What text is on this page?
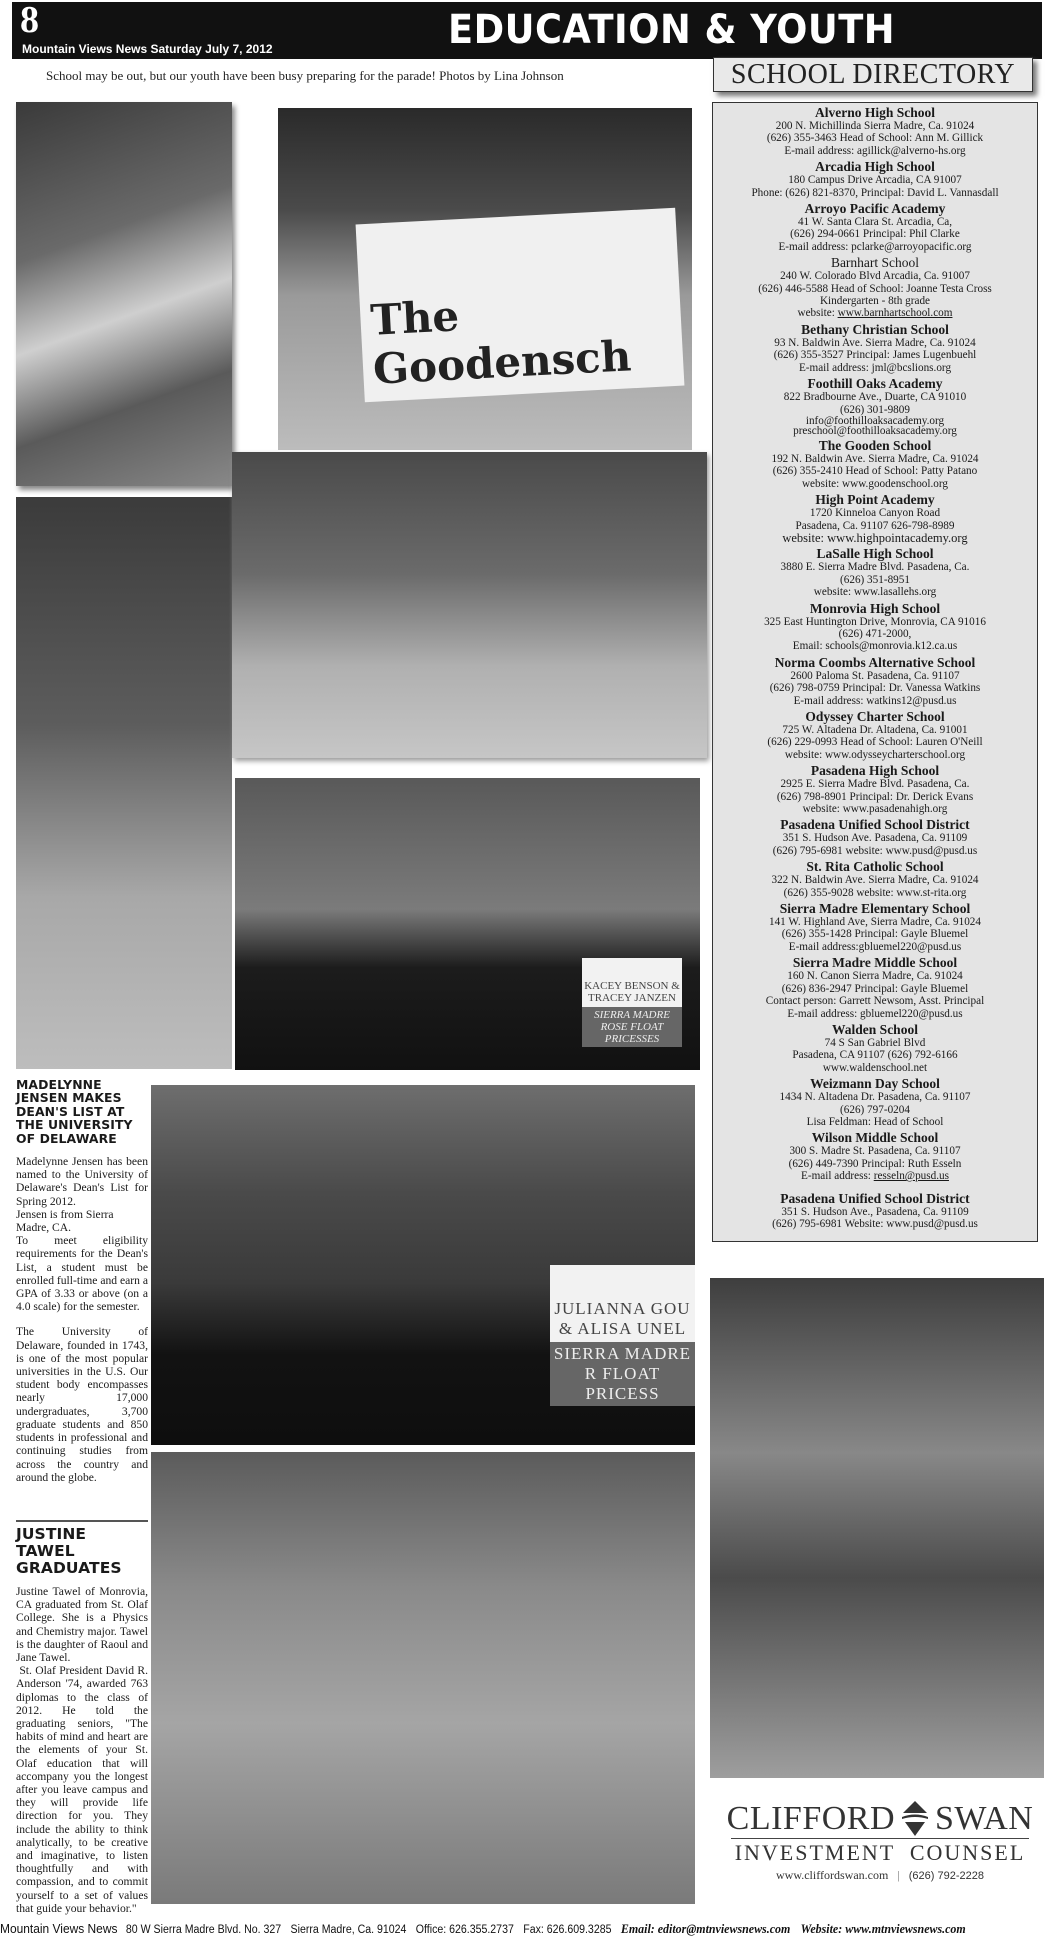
8
Mountain Views News Saturday July 7, 2012	EDUCATION & YOUTH
School may be out, but our youth have been busy preparing for the parade! Photos by Lina Johnson	SCHOOL DIRECTORY
Alverno High School
200 N. Michillinda Sierra Madre, Ca. 91024
(626) 355-3463 Head of School: Ann M. Gillick
E-mail address: agillick@alverno-hs.org
Arcadia High School
180 Campus Drive Arcadia, CA 91007
Phone: (626) 821-8370, Principal: David L. Vannasdall
Arroyo Pacific Academy
41 W. Santa Clara St. Arcadia, Ca,
(626) 294-0661 Principal: Phil Clarke
E-mail address: pclarke@arroyopacific.org
Barnhart School
240 W. Colorado Blvd Arcadia, Ca. 91007
(626) 446-5588 Head of School: Joanne Testa Cross
Kindergarten - 8th grade
website: www.barnhartschool.com
Bethany Christian School
93 N. Baldwin Ave. Sierra Madre, Ca. 91024
(626) 355-3527 Principal: James Lugenbuehl
E-mail address: jml@bcslions.org
Foothill Oaks Academy
822 Bradbourne Ave., Duarte, CA 91010
(626) 301-9809
info@foothilloaksacademy.org
preschool@foothilloaksacademy.org
The Gooden School
192 N. Baldwin Ave. Sierra Madre, Ca. 91024
(626) 355-2410 Head of School: Patty Patano
website: www.goodenschool.org
High Point Academy
1720 Kinneloa Canyon Road
Pasadena, Ca. 91107 626-798-8989
website: www.highpointacademy.org
LaSalle High School
3880 E. Sierra Madre Blvd. Pasadena, Ca.
(626) 351-8951
website: www.lasallehs.org
Monrovia High School
325 East Huntington Drive, Monrovia, CA 91016
(626) 471-2000,
Email: schools@monrovia.k12.ca.us
Norma Coombs Alternative School
2600 Paloma St. Pasadena, Ca. 91107
(626) 798-0759 Principal: Dr. Vanessa Watkins
E-mail address: watkins12@pusd.us
Odyssey Charter School
725 W. Altadena Dr. Altadena, Ca. 91001
(626) 229-0993 Head of School: Lauren O'Neill
website: www.odysseycharterschool.org
Pasadena High School
2925 E. Sierra Madre Blvd. Pasadena, Ca.
(626) 798-8901 Principal: Dr. Derick Evans
website: www.pasadenahigh.org
Pasadena Unified School District
351 S. Hudson Ave. Pasadena, Ca. 91109
(626) 795-6981 website: www.pusd@pusd.us
St. Rita Catholic School
322 N. Baldwin Ave. Sierra Madre, Ca. 91024
(626) 355-9028 website: www.st-rita.org
Sierra Madre Elementary School
141 W. Highland Ave, Sierra Madre, Ca. 91024
(626) 355-1428 Principal: Gayle Bluemel
E-mail address:gbluemel220@pusd.us
Sierra Madre Middle School
160 N. Canon Sierra Madre, Ca. 91024
(626) 836-2947 Principal: Gayle Bluemel
Contact person: Garrett Newsom, Asst. Principal
E-mail address: gbluemel220@pusd.us
Walden School
74 S San Gabriel Blvd
Pasadena, CA 91107 (626) 792-6166
www.waldenschool.net
Weizmann Day School
1434 N. Altadena Dr. Pasadena, Ca. 91107
(626) 797-0204
Lisa Feldman: Head of School
Wilson Middle School
300 S. Madre St. Pasadena, Ca. 91107
(626) 449-7390 Principal: Ruth Esseln
E-mail address: resseln@pusd.us
Pasadena Unified School District
351 S. Hudson Ave., Pasadena, Ca. 91109
(626) 795-6981 Website: www.pusd@pusd.us
The Goodensch
KACEY BENSON & TRACEY JANZEN
SIERRA MADRE ROSE FLOAT PRICESSES
JULIANNA GOU & ALISA UNEL
SIERRA MADRE R FLOAT PRICESS
MADELYNNE JENSEN MAKES DEAN'S LIST AT THE UNIVERSITY OF DELAWARE

Madelynne Jensen has been named to the University of Delaware's Dean's List for Spring 2012.

Jensen is from Sierra Madre, CA.

To meet eligibility requirements for the Dean's List, a student must be enrolled full-time and earn a GPA of 3.33 or above (on a 4.0 scale) for the semester.

The University of Delaware, founded in 1743, is one of the most popular universities in the U.S. Our student body encompasses nearly 17,000 undergraduates, 3,700 graduate students and 850 students in professional and continuing studies from across the country and around the globe.

JUSTINE TAWEL GRADUATES

Justine Tawel of Monrovia, CA graduated from St. Olaf College. She is a Physics and Chemistry major. Tawel is the daughter of Raoul and Jane Tawel.

St. Olaf President David R. Anderson '74, awarded 763 diplomas to the class of 2012. He told the graduating seniors, "The habits of mind and heart are the elements of your St. Olaf education that will accompany you the longest after you leave campus and they will provide life direction for you. They include the ability to think analytically, to be creative and imaginative, to listen thoughtfully and with compassion, and to commit yourself to a set of values that guide your behavior."

CLIFFORD SWAN
INVESTMENT  COUNSEL
www.cliffordswan.com | (626) 792-2228
Mountain Views News 80 W Sierra Madre Blvd. No. 327 Sierra Madre, Ca. 91024 Office: 626.355.2737 Fax: 626.609.3285 Email: editor@mtnviewsnews.com Website: www.mtnviewsnews.com
